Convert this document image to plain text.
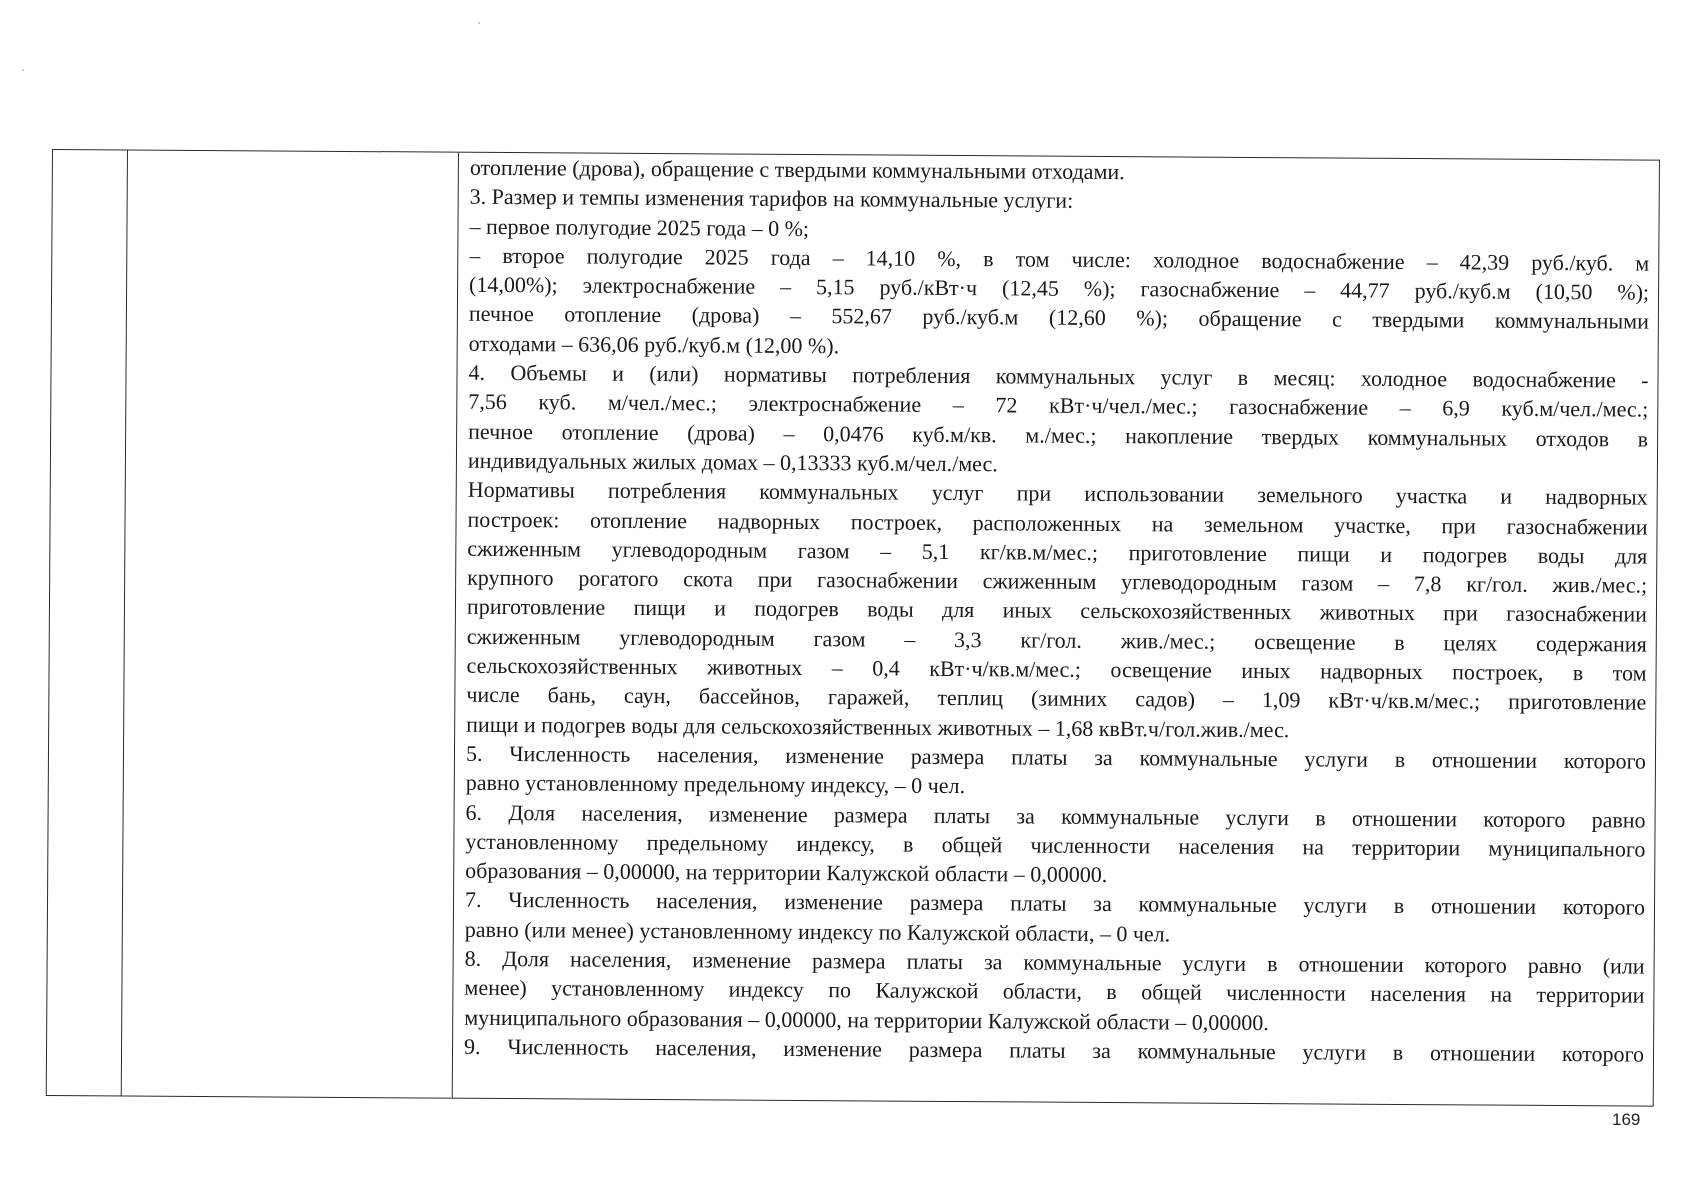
отопление (дрова), обращение с твердыми коммунальными отходами.
3. Размер и темпы изменения тарифов на коммунальные услуги:
– первое полугодие 2025 года – 0 %;
– второе полугодие 2025 года – 14,10 %, в том числе: холодное водоснабжение – 42,39 руб./куб. м
(14,00%); электроснабжение – 5,15 руб./кВт·ч (12,45 %); газоснабжение – 44,77 руб./куб.м (10,50 %);
печное отопление (дрова) – 552,67 руб./куб.м (12,60 %); обращение с твердыми коммунальными
отходами – 636,06 руб./куб.м (12,00 %).
4. Объемы и (или) нормативы потребления коммунальных услуг в месяц: холодное водоснабжение -
7,56 куб. м/чел./мес.; электроснабжение – 72 кВт·ч/чел./мес.; газоснабжение – 6,9 куб.м/чел./мес.;
печное отопление (дрова) – 0,0476 куб.м/кв. м./мес.; накопление твердых коммунальных отходов в
индивидуальных жилых домах – 0,13333 куб.м/чел./мес.
Нормативы потребления коммунальных услуг при использовании земельного участка и надворных
построек: отопление надворных построек, расположенных на земельном участке, при газоснабжении
сжиженным углеводородным газом – 5,1 кг/кв.м/мес.; приготовление пищи и подогрев воды для
крупного рогатого скота при газоснабжении сжиженным углеводородным газом – 7,8 кг/гол. жив./мес.;
приготовление пищи и подогрев воды для иных сельскохозяйственных животных при газоснабжении
сжиженным углеводородным газом – 3,3 кг/гол. жив./мес.; освещение в целях содержания
сельскохозяйственных животных – 0,4 кВт·ч/кв.м/мес.; освещение иных надворных построек, в том
числе бань, саун, бассейнов, гаражей, теплиц (зимних садов) – 1,09 кВт·ч/кв.м/мес.; приготовление
пищи и подогрев воды для сельскохозяйственных животных – 1,68 квВт.ч/гол.жив./мес.
5. Численность населения, изменение размера платы за коммунальные услуги в отношении которого
равно установленному предельному индексу, – 0 чел.
6. Доля населения, изменение размера платы за коммунальные услуги в отношении которого равно
установленному предельному индексу, в общей численности населения на территории муниципального
образования – 0,00000, на территории Калужской области – 0,00000.
7. Численность населения, изменение размера платы за коммунальные услуги в отношении которого
равно (или менее) установленному индексу по Калужской области, – 0 чел.
8. Доля населения, изменение размера платы за коммунальные услуги в отношении которого равно (или
менее) установленному индексу по Калужской области, в общей численности населения на территории
муниципального образования – 0,00000, на территории Калужской области – 0,00000.
9. Численность населения, изменение размера платы за коммунальные услуги в отношении которого
169
